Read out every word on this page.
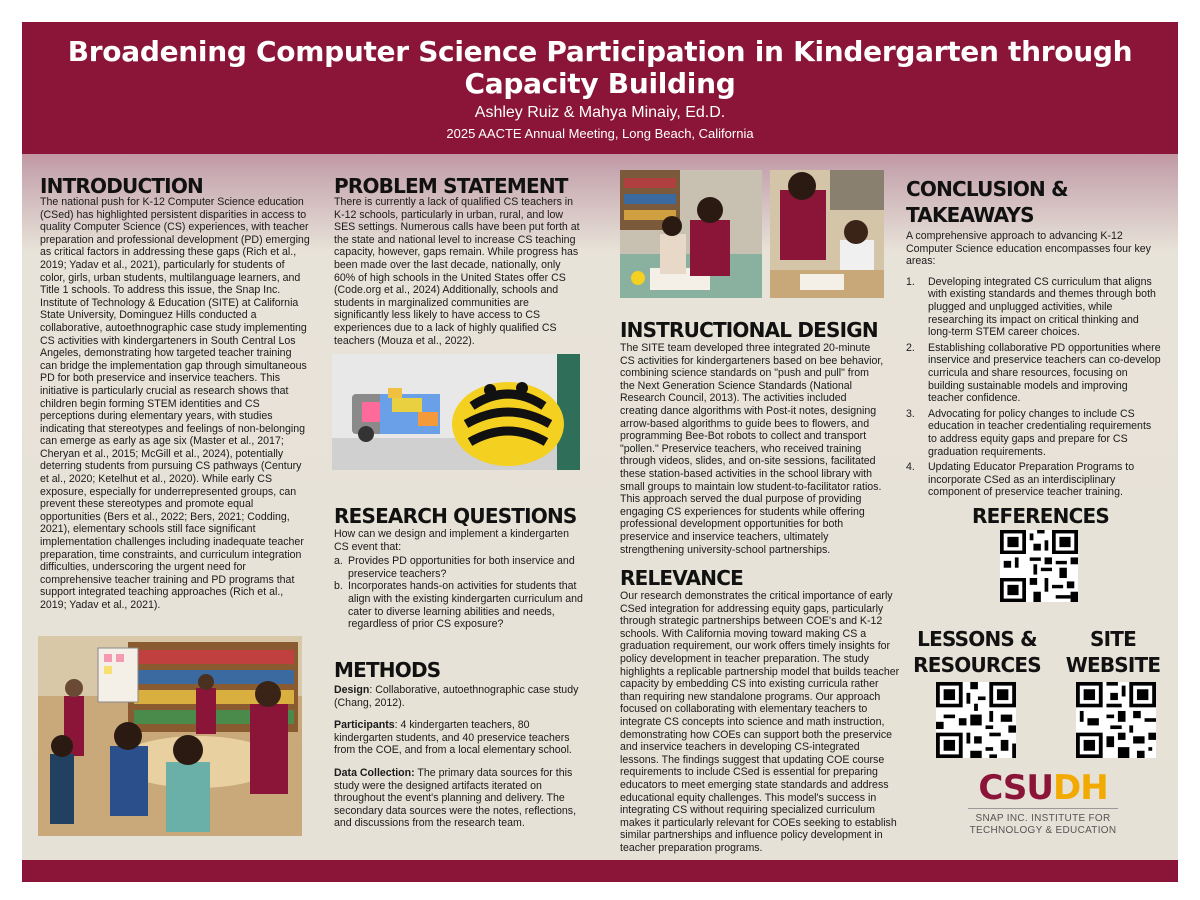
Broadening Computer Science Participation in Kindergarten through Capacity Building
Ashley Ruiz & Mahya Minaiy, Ed.D.
2025 AACTE Annual Meeting, Long Beach, California
INTRODUCTION

The national push for K-12 Computer Science education (CSed) has highlighted persistent disparities in access to quality Computer Science (CS) experiences, with teacher preparation and professional development (PD) emerging as critical factors in addressing these gaps (Rich et al., 2019; Yadav et al., 2021), particularly for students of color, girls, urban students, multilanguage learners, and Title 1 schools. To address this issue, the Snap Inc. Institute of Technology & Education (SITE) at California State University, Dominguez Hills conducted a collaborative, autoethnographic case study implementing CS activities with kindergarteners in South Central Los Angeles, demonstrating how targeted teacher training can bridge the implementation gap through simultaneous PD for both preservice and inservice teachers. This initiative is particularly crucial as research shows that children begin forming STEM identities and CS perceptions during elementary years, with studies indicating that stereotypes and feelings of non-belonging can emerge as early as age six (Master et al., 2017; Cheryan et al., 2015; McGill et al., 2024), potentially deterring students from pursuing CS pathways (Century et al., 2020; Ketelhut et al., 2020). While early CS exposure, especially for underrepresented groups, can prevent these stereotypes and promote equal opportunities (Bers et al., 2022; Bers, 2021; Codding, 2021), elementary schools still face significant implementation challenges including inadequate teacher preparation, time constraints, and curriculum integration difficulties, underscoring the urgent need for comprehensive teacher training and PD programs that support integrated teaching approaches (Rich et al., 2019; Yadav et al., 2021).

PROBLEM STATEMENT

There is currently a lack of qualified CS teachers in K-12 schools, particularly in urban, rural, and low SES settings. Numerous calls have been put forth at the state and national level to increase CS teaching capacity, however, gaps remain. While progress has been made over the last decade, nationally, only 60% of high schools in the United States offer CS (Code.org et al., 2024) Additionally, schools and students in marginalized communities are significantly less likely to have access to CS experiences due to a lack of highly qualified CS teachers (Mouza et al., 2022).

RESEARCH QUESTIONS

How can we design and implement a kindergarten CS event that:

a. Provides PD opportunities for both inservice and preservice teachers?
b. Incorporates hands-on activities for students that align with the existing kindergarten curriculum and cater to diverse learning abilities and needs, regardless of prior CS exposure?
METHODS

Design: Collaborative, autoethnographic case study (Chang, 2012).

Participants: 4 kindergarten teachers, 80 kindergarten students, and 40 preservice teachers from the COE, and from a local elementary school.

Data Collection: The primary data sources for this study were the designed artifacts iterated on throughout the event's planning and delivery. The secondary data sources were the notes, reflections, and discussions from the research team.

INSTRUCTIONAL DESIGN

The SITE team developed three integrated 20-minute CS activities for kindergarteners based on bee behavior, combining science standards on "push and pull" from the Next Generation Science Standards (National Research Council, 2013). The activities included creating dance algorithms with Post-it notes, designing arrow-based algorithms to guide bees to flowers, and programming Bee-Bot robots to collect and transport "pollen." Preservice teachers, who received training through videos, slides, and on-site sessions, facilitated these station-based activities in the school library with small groups to maintain low student-to-facilitator ratios. This approach served the dual purpose of providing engaging CS experiences for students while offering professional development opportunities for both preservice and inservice teachers, ultimately strengthening university-school partnerships.

RELEVANCE

Our research demonstrates the critical importance of early CSed integration for addressing equity gaps, particularly through strategic partnerships between COE's and K-12 schools. With California moving toward making CS a graduation requirement, our work offers timely insights for policy development in teacher preparation. The study highlights a replicable partnership model that builds teacher capacity by embedding CS into existing curricula rather than requiring new standalone programs. Our approach focused on collaborating with elementary teachers to integrate CS concepts into science and math instruction, demonstrating how COEs can support both the preservice and inservice teachers in developing CS-integrated lessons. The findings suggest that updating COE course requirements to include CSed is essential for preparing educators to meet emerging state standards and address educational equity challenges. This model's success in integrating CS without requiring specialized curriculum makes it particularly relevant for COEs seeking to establish similar partnerships and influence policy development in teacher preparation programs.

CONCLUSION & TAKEAWAYS

A comprehensive approach to advancing K-12 Computer Science education encompasses four key areas:

1.	Developing integrated CS curriculum that aligns with existing standards and themes through both plugged and unplugged activities, while researching its impact on critical thinking and long-term STEM career choices.
2.	Establishing collaborative PD opportunities where inservice and preservice teachers can co-develop curricula and share resources, focusing on building sustainable models and improving teacher confidence.
3.	Advocating for policy changes to include CS education in teacher credentialing requirements to address equity gaps and prepare for CS graduation requirements.
4.	Updating Educator Preparation Programs to incorporate CSed as an interdisciplinary component of preservice teacher training.
REFERENCES
LESSONS &
RESOURCES
SITE
WEBSITE
CSUDH
SNAP INC. INSTITUTE FOR
TECHNOLOGY & EDUCATION
